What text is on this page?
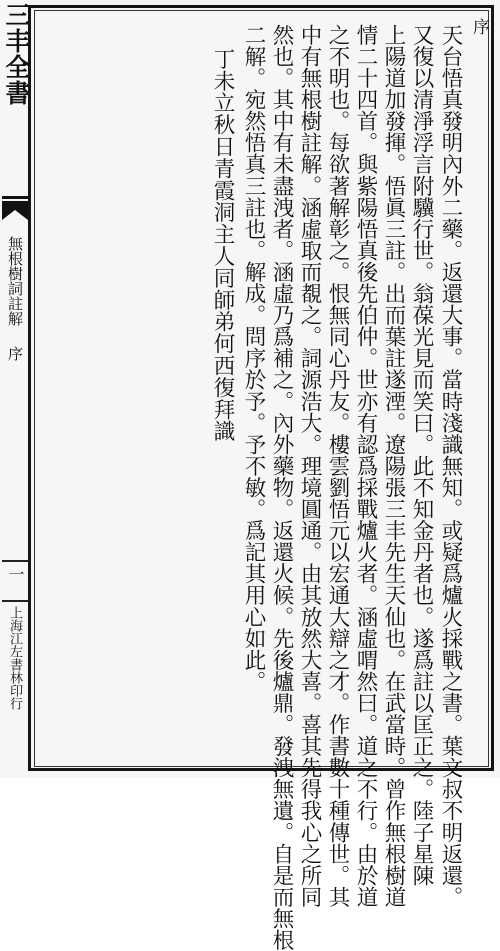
三丰全書
無根樹詞註解序
一
上海江左書林印行
序
天台悟真發明內外二藥。返還大事。當時淺識無知。或疑爲爐火採戰之書。葉文叔不明返還。
又復以清淨浮言附驥行世。翁葆光見而笑曰。此不知金丹者也。遂爲註以匡正之。陸子星陳
上陽道加發揮。悟眞三註。出而葉註遂湮。遼陽張三丰先生天仙也。在武當時。曾作無根樹道
情二十四首。與紫陽悟真後先伯仲。世亦有認爲採戰爐火者。涵虛喟然曰。道之不行。由於道
之不明也。每欲著解彰之。恨無同心丹友。樓雲劉悟元以宏通大辯之才。作書數十種傳世。其
中有無根樹註解。涵虛取而覩之。詞源浩大。理境圓通。由其放然大喜。喜其先得我心之所同
然也。其中有未盡洩者。涵虛乃爲補之。內外藥物。返還火候。先後爐鼎。發洩無遺。自是而無根
二解。宛然悟真三註也。解成。問序於予。予不敏。爲記其用心如此。
丁未立秋日青霞洞主人同師弟何西復拜識
